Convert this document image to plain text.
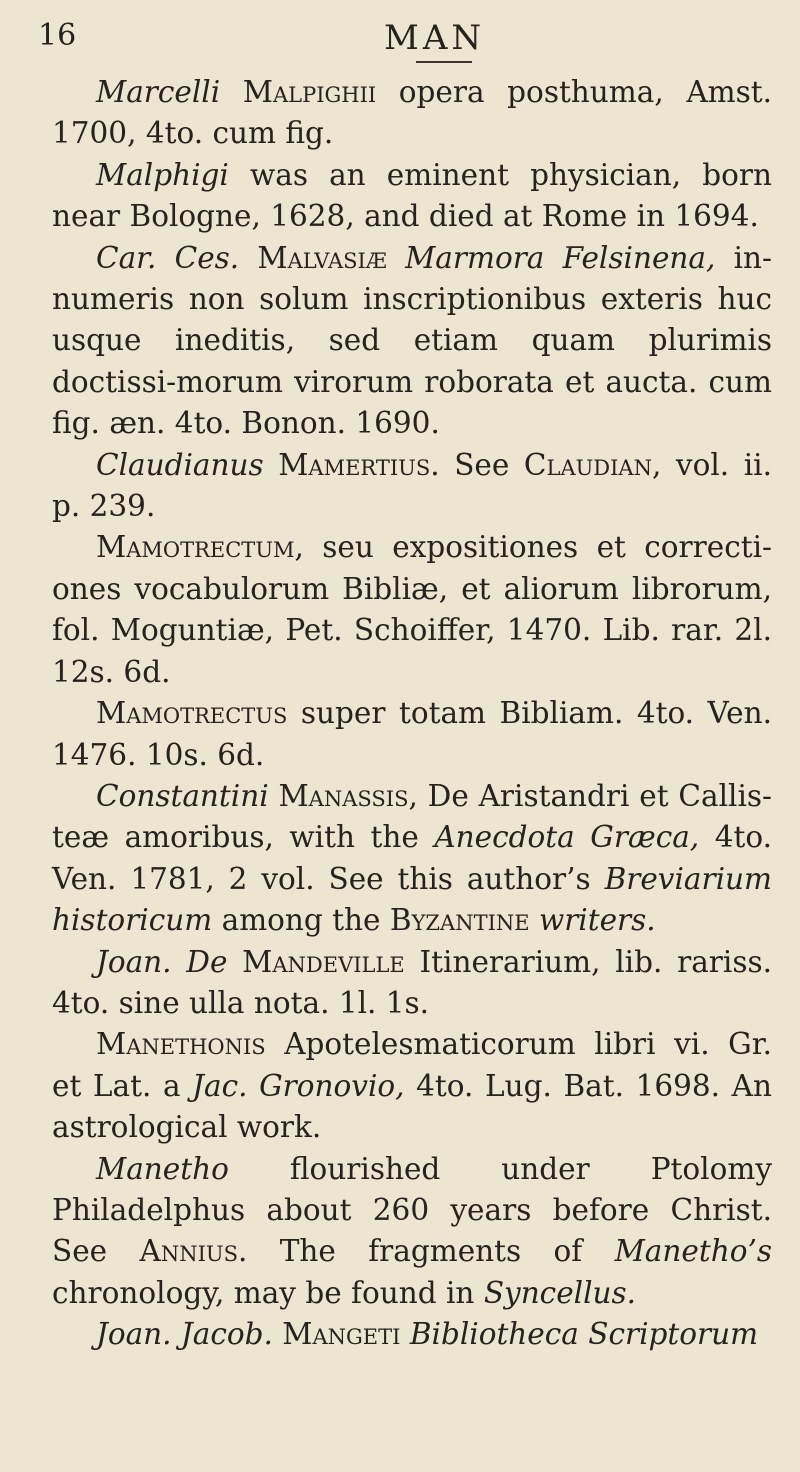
16	MAN

Marcelli Malpighii opera posthuma, Amst. 1700, 4to. cum fig.

Malphigi was an eminent physician, born near Bologne, 1628, and died at Rome in 1694.

Car. Ces. Malvasiæ Marmora Felsinena, in-numeris non solum inscriptionibus exteris huc usque ineditis, sed etiam quam plurimis doctissi-morum virorum roborata et aucta. cum fig. æn. 4to. Bonon. 1690.

Claudianus Mamertius. See Claudian, vol. ii. p. 239.

Mamotrectum, seu expositiones et correcti-ones vocabulorum Bibliæ, et aliorum librorum, fol. Moguntiæ, Pet. Schoiffer, 1470. Lib. rar. 2l. 12s. 6d.

Mamotrectus super totam Bibliam. 4to. Ven. 1476. 10s. 6d.

Constantini Manassis, De Aristandri et Callis-teæ amoribus, with the Anecdota Græca, 4to. Ven. 1781, 2 vol. See this author’s Breviarium historicum among the Byzantine writers.

Joan. De Mandeville Itinerarium, lib. rariss. 4to. sine ulla nota. 1l. 1s.

Manethonis Apotelesmaticorum libri vi. Gr. et Lat. a Jac. Gronovio, 4to. Lug. Bat. 1698. An astrological work.

Manetho flourished under Ptolomy Philadelphus about 260 years before Christ. See Annius. The fragments of Manetho’s chronology, may be found in Syncellus.

Joan. Jacob. Mangeti Bibliotheca Scriptorum
